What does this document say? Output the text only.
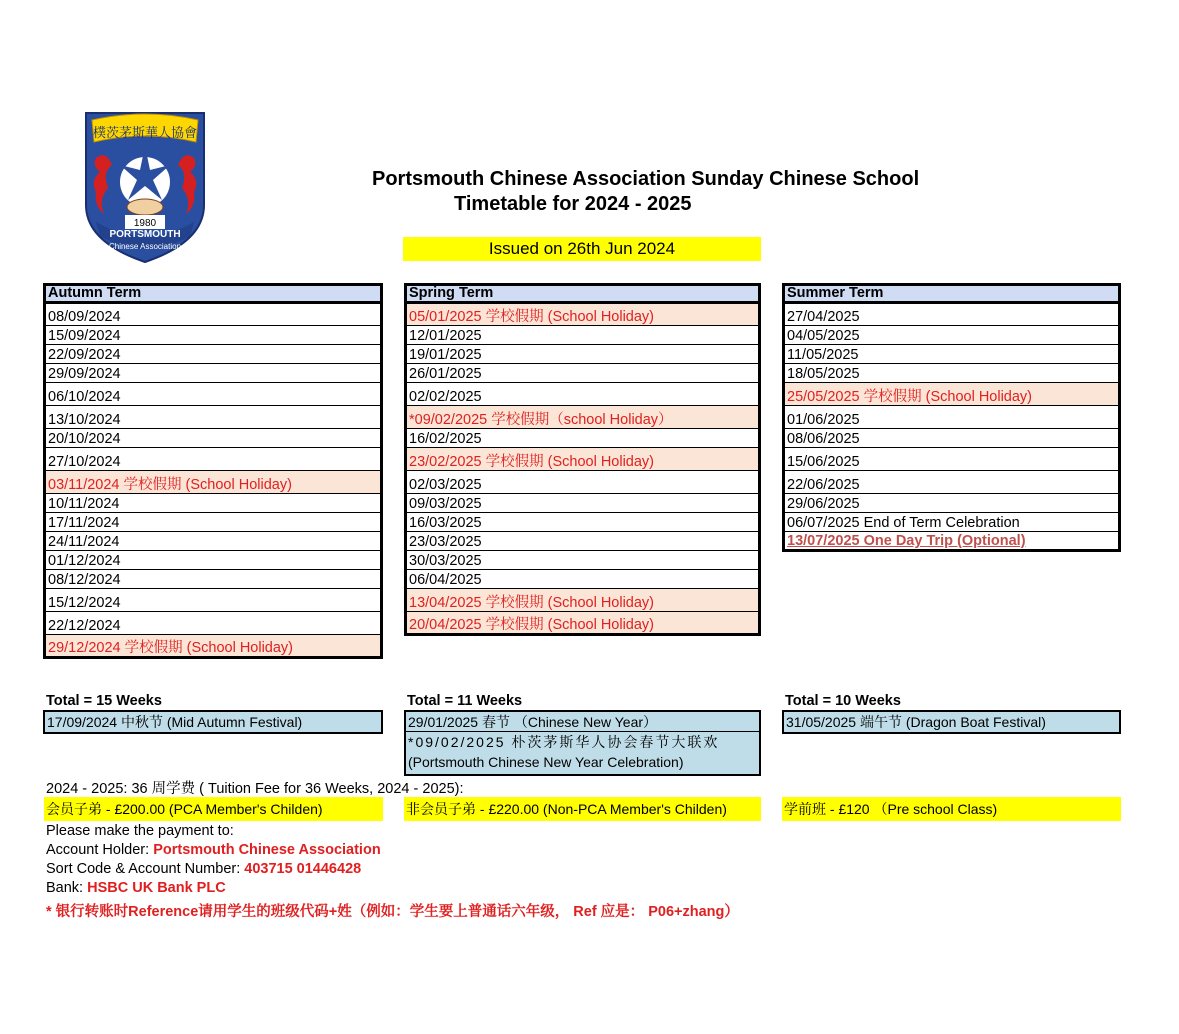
樸茨茅斯華人協會
1980
PORTSMOUTH
Chinese Association
Portsmouth Chinese Association Sunday Chinese School
Timetable for 2024 - 2025
Issued on 26th Jun 2024
Autumn Term
08/09/2024
15/09/2024
22/09/2024
29/09/2024
06/10/2024
13/10/2024
20/10/2024
27/10/2024
03/11/2024 学校假期 (School Holiday)
10/11/2024
17/11/2024
24/11/2024
01/12/2024
08/12/2024
15/12/2024
22/12/2024
29/12/2024 学校假期 (School Holiday)
Spring Term
05/01/2025 学校假期 (School Holiday)
12/01/2025
19/01/2025
26/01/2025
02/02/2025
*09/02/2025 学校假期（school Holiday）
16/02/2025
23/02/2025 学校假期 (School Holiday)
02/03/2025
09/03/2025
16/03/2025
23/03/2025
30/03/2025
06/04/2025
13/04/2025 学校假期 (School Holiday)
20/04/2025 学校假期 (School Holiday)
Summer Term
27/04/2025
04/05/2025
11/05/2025
18/05/2025
25/05/2025 学校假期 (School Holiday)
01/06/2025
08/06/2025
15/06/2025
22/06/2025
29/06/2025
06/07/2025 End of Term Celebration
13/07/2025 One Day Trip (Optional)
Total = 15 Weeks	Total = 11 Weeks	Total = 10 Weeks
17/09/2024 中秋节 (Mid Autumn Festival)	29/01/2025 春节 （Chinese New Year）
*09/02/2025 朴茨茅斯华人协会春节大联欢
(Portsmouth Chinese New Year Celebration)
31/05/2025 端午节 (Dragon Boat Festival)
2024 - 2025: 36 周学费 ( Tuition Fee for 36 Weeks, 2024 - 2025):
会员子弟 - £200.00 (PCA Member's Childen)	非会员子弟 - £220.00 (Non-PCA Member's Childen)	学前班 - £120 （Pre school Class)
Please make the payment to:
Account Holder: Portsmouth Chinese Association
Sort Code & Account Number: 403715 01446428
Bank: HSBC UK Bank PLC
* 银行转账时Reference请用学生的班级代码+姓（例如：学生要上普通话六年级， Ref 应是： P06+zhang）
